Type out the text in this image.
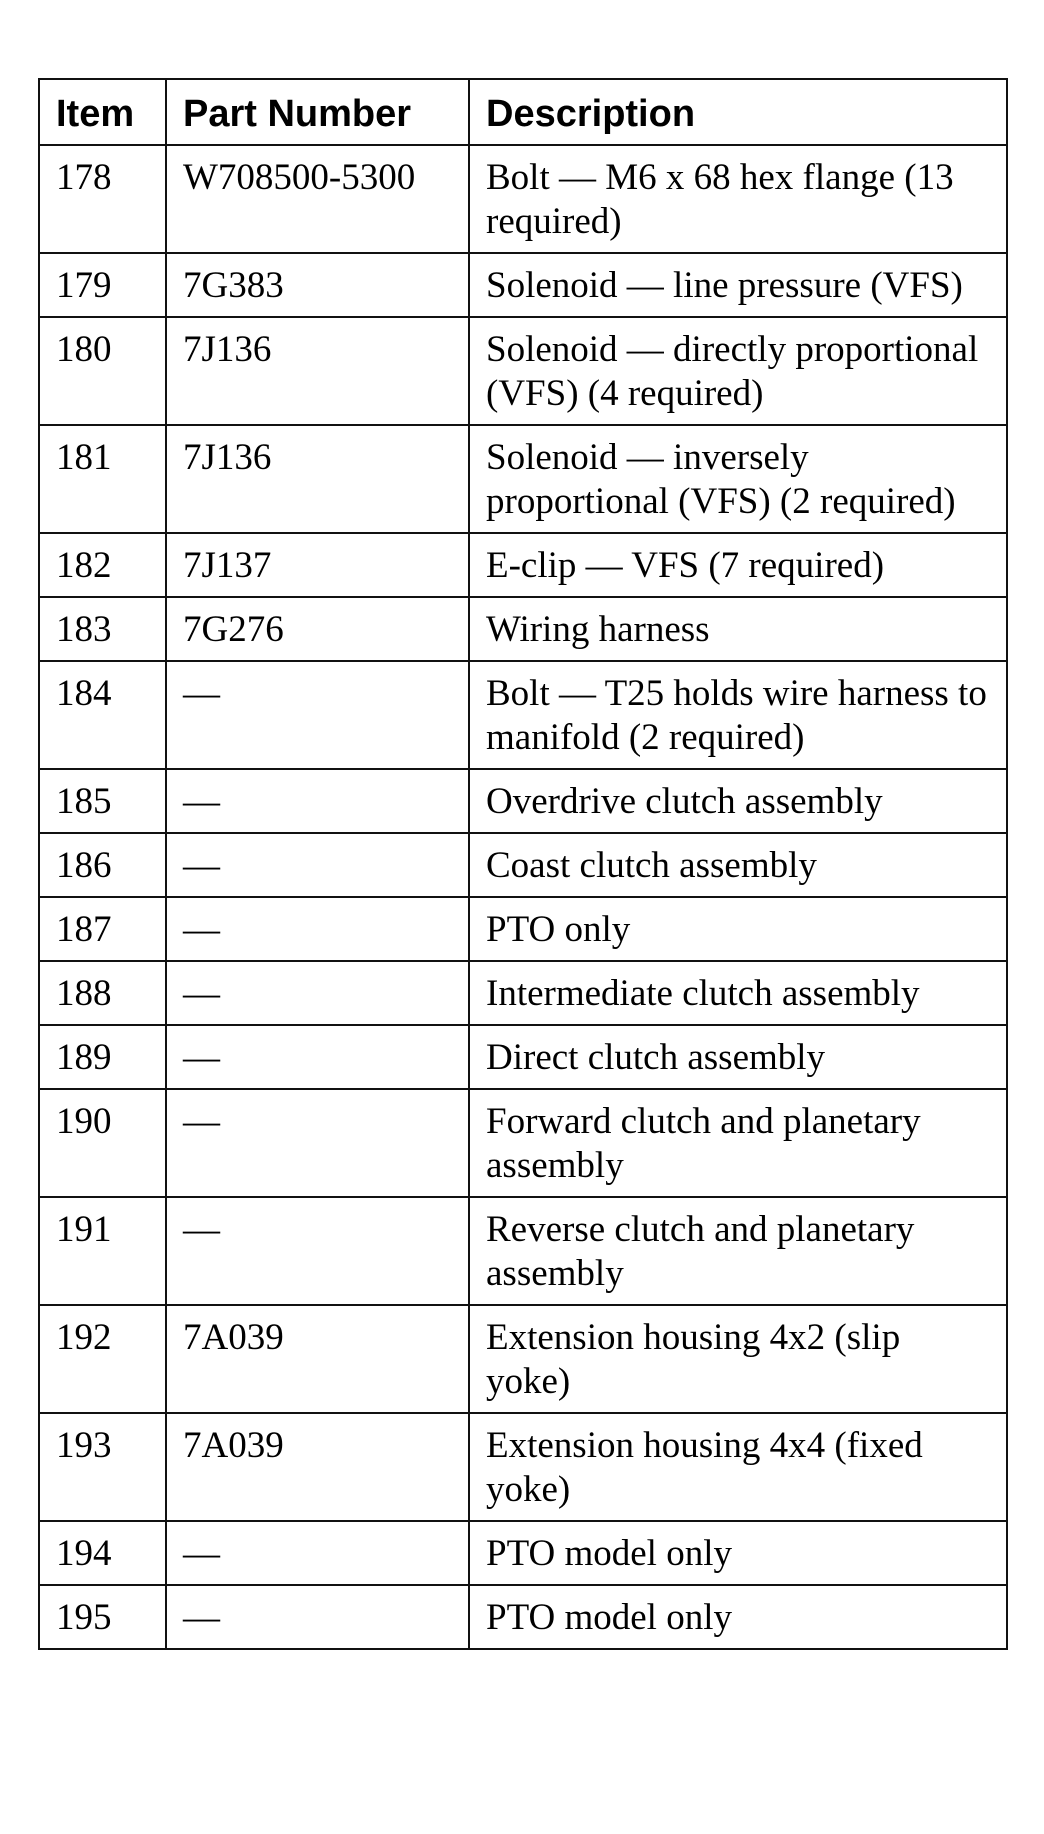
Item	Part Number	Description
178	W708500-5300	Bolt — M6 x 68 hex flange (13 required)
179	7G383	Solenoid — line pressure (VFS)
180	7J136	Solenoid — directly proportional (VFS) (4 required)
181	7J136	Solenoid — inversely proportional (VFS) (2 required)
182	7J137	E-clip — VFS (7 required)
183	7G276	Wiring harness
184	—	Bolt — T25 holds wire harness to manifold (2 required)
185	—	Overdrive clutch assembly
186	—	Coast clutch assembly
187	—	PTO only
188	—	Intermediate clutch assembly
189	—	Direct clutch assembly
190	—	Forward clutch and planetary assembly
191	—	Reverse clutch and planetary assembly
192	7A039	Extension housing 4x2 (slip yoke)
193	7A039	Extension housing 4x4 (fixed yoke)
194	—	PTO model only
195	—	PTO model only
